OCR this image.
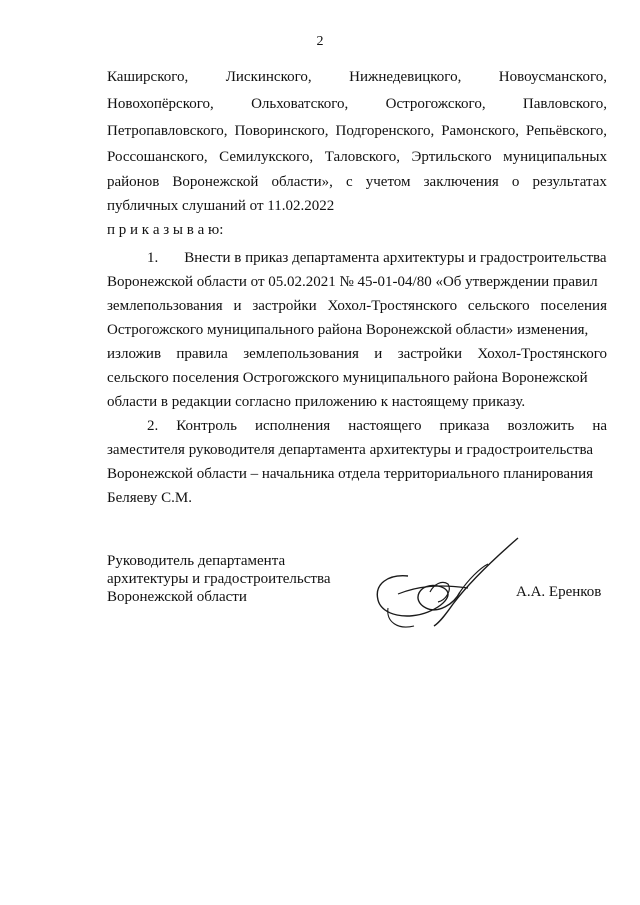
2
Каширского, Лискинского, Нижнедевицкого, Новоусманского,
Новохопёрского, Ольховатского, Острогожского, Павловского,
Петропавловского, Поворинского, Подгоренского, Рамонского, Репьёвского,
Россошанского, Семилукского, Таловского, Эртильского муниципальных
районов Воронежской области», с учетом заключения о результатах
публичных слушаний от 11.02.2022
п р и к а з ы в а ю:
1. Внести в приказ департамента архитектуры и градостроительства
Воронежской области от 05.02.2021 № 45-01-04/80 «Об утверждении правил
землепользования и застройки Хохол-Тростянского сельского поселения
Острогожского муниципального района Воронежской области» изменения,
изложив правила землепользования и застройки Хохол-Тростянского
сельского поселения Острогожского муниципального района Воронежской
области в редакции согласно приложению к настоящему приказу.
2. Контроль исполнения настоящего приказа возложить на
заместителя руководителя департамента архитектуры и градостроительства
Воронежской области – начальника отдела территориального планирования
Беляеву С.М.
Руководитель департамента
архитектуры и градостроительства
Воронежской области	А.А. Еренков
